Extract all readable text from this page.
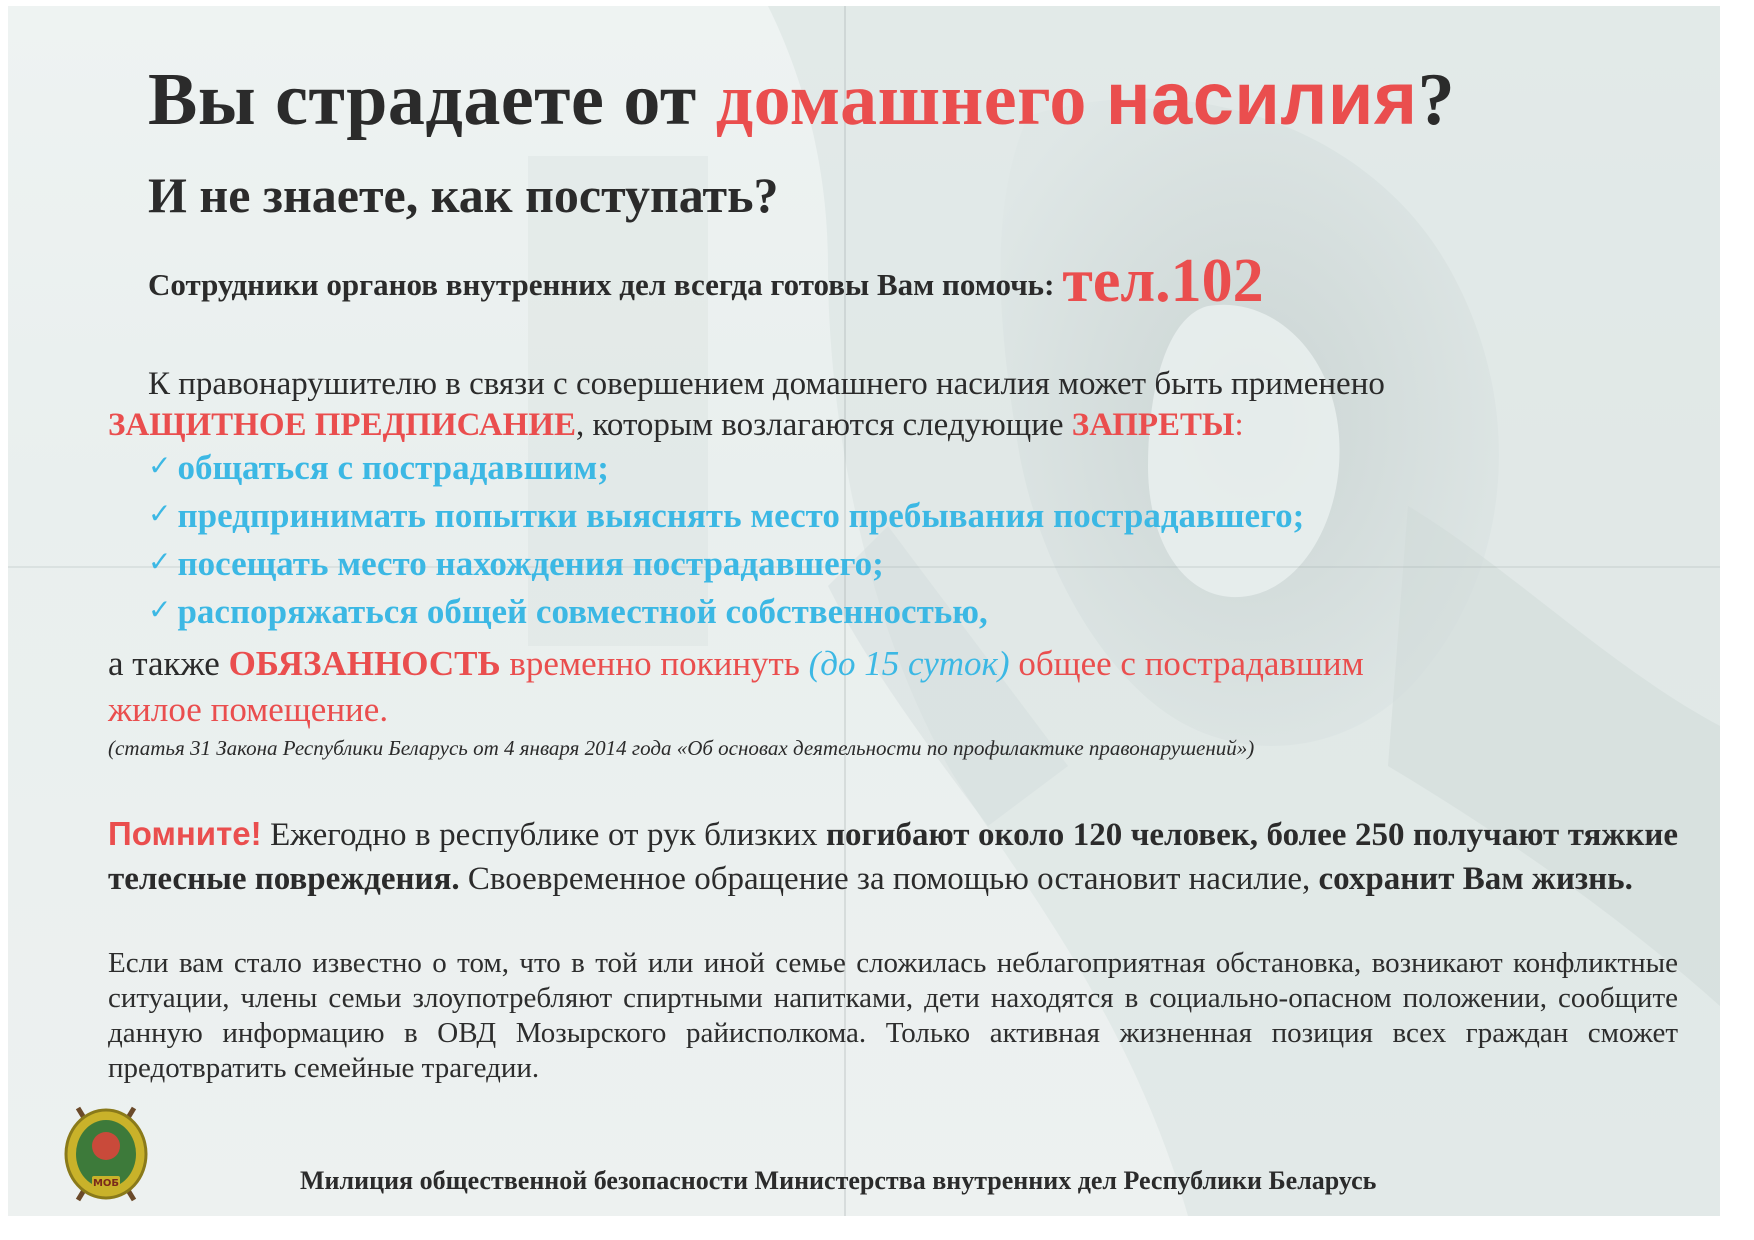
Вы страдаете от домашнего насилия?
И не знаете, как поступать?
Сотрудники органов внутренних дел всегда готовы Вам помочь: тел.102
К правонарушителю в связи с совершением домашнего насилия может быть применено
ЗАЩИТНОЕ ПРЕДПИСАНИЕ, которым возлагаются следующие ЗАПРЕТЫ:
✓ общаться с пострадавшим;
✓ предпринимать попытки выяснять место пребывания пострадавшего;
✓ посещать место нахождения пострадавшего;
✓ распоряжаться общей совместной собственностью,
а также ОБЯЗАННОСТЬ временно покинуть (до 15 суток) общее с пострадавшим
жилое помещение.
(статья 31 Закона Республики Беларусь от 4 января 2014 года «Об основах деятельности по профилактике правонарушений»)
Помните! Ежегодно в республике от рук близких погибают около 120 человек, более 250 получают тяжкие телесные повреждения. Своевременное обращение за помощью остановит насилие, сохранит Вам жизнь.
Если вам стало известно о том, что в той или иной семье сложилась неблагоприятная обстановка, возникают конфликтные ситуации, члены семьи злоупотребляют спиртными напитками, дети находятся в социально-опасном положении, сообщите данную информацию в ОВД Мозырского райисполкома. Только активная жизненная позиция всех граждан сможет предотвратить семейные трагедии.
МОБ	Милиция общественной безопасности Министерства внутренних дел Республики Беларусь
